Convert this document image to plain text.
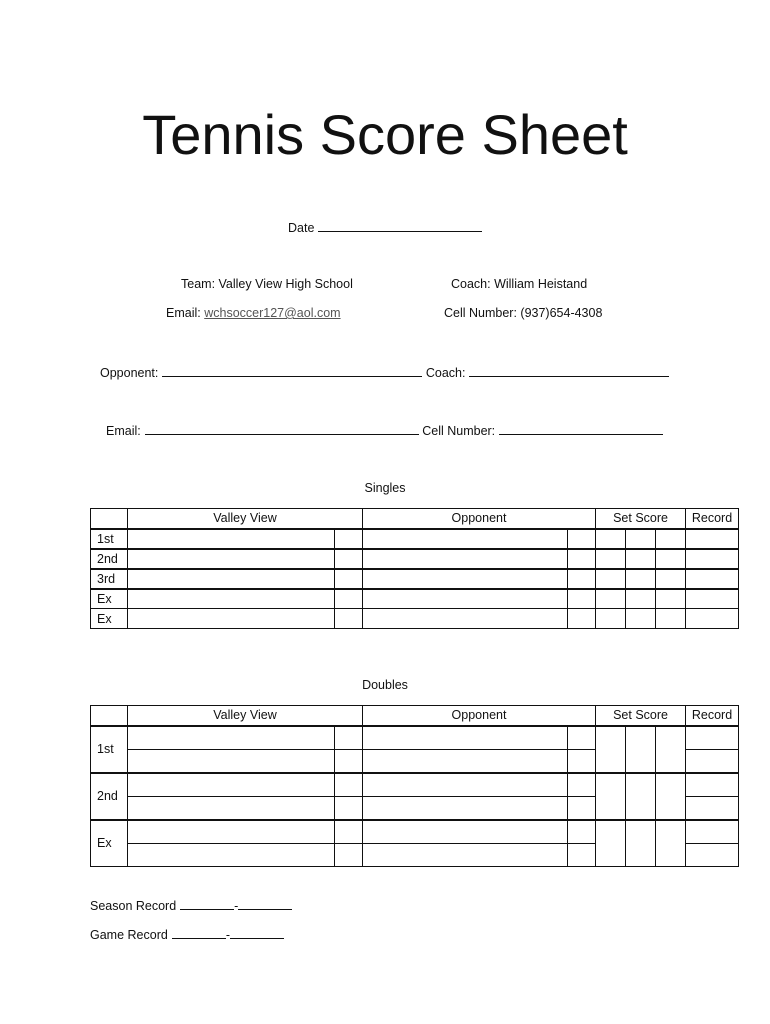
Tennis Score Sheet
Date
Team: Valley View High School	Coach: William Heistand
Email: wchsoccer127@aol.com	Cell Number: (937)654-4308
Opponent:	Coach:
Email:	Cell Number:
Singles
	Valley View		Opponent		Set Score			Record
1st								
2nd								
3rd								
Ex								
Ex								
Doubles
	Valley View		Opponent		Set Score			Record
1st	

2nd	

Ex	

Season Record	-
Game Record	-
